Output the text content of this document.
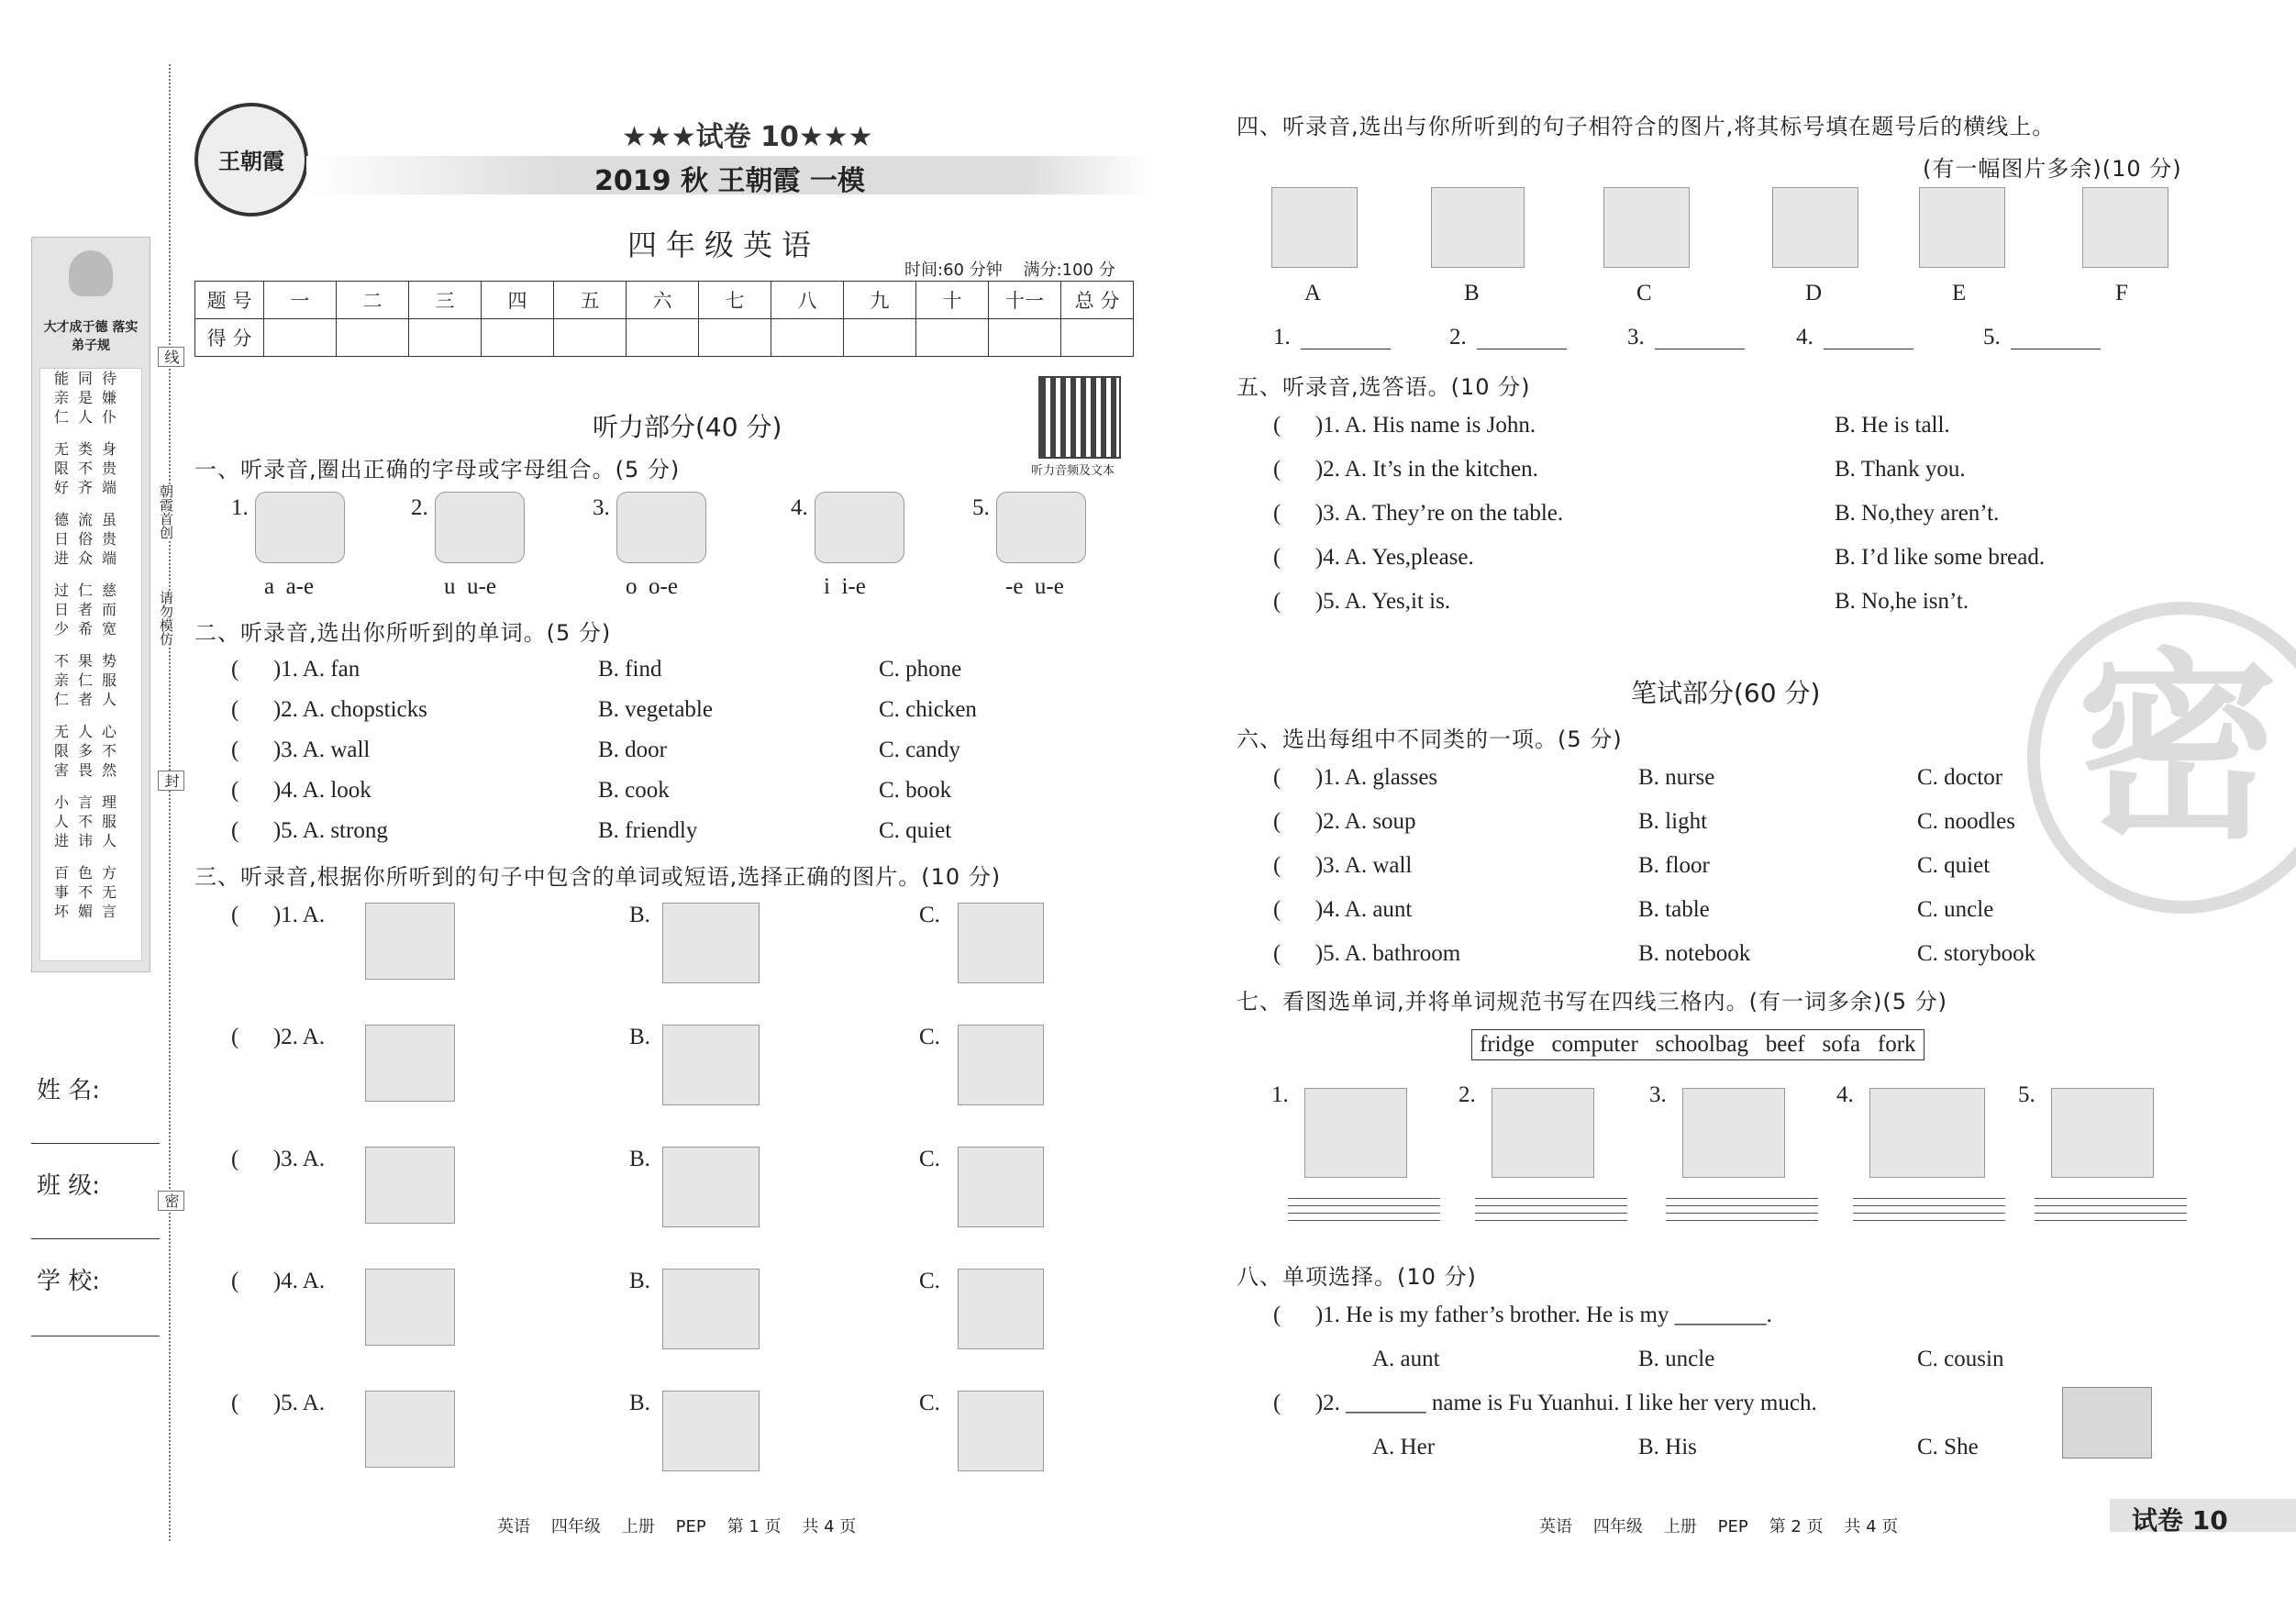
大才成于德 落实弟子规
能同待
亲是嫌
仁人仆
无类身
限不贵
好齐端
德流虽
日俗贵
进众端
过仁慈
日者而
少希宽
不果势
亲仁服
仁者人
无人心
限多不
害畏然
小言理
人不服
进讳人
百色方
事不无
坏媚言
姓 名:
班 级:
学 校:
线
朝霞首创
请勿模仿
封
密
王朝霞
★★★试卷 10★★★
2019 秋 王朝霞 一模
四年级英语
时间:60 分钟    满分:100 分
题 号	一	二	三	四	五	六	七	八	九	十	十一	总 分
得 分												
听力部分(40 分)
听力音频及文本
一、听录音,圈出正确的字母或字母组合。(5 分)
二、听录音,选出你所听到的单词。(5 分)
三、听录音,根据你所听到的句子中包含的单词或短语,选择正确的图片。(10 分)
英语    四年级    上册    PEP    第 1 页    共 4 页
四、听录音,选出与你所听到的句子相符合的图片,将其标号填在题号后的横线上。
(有一幅图片多余)(10 分)
五、听录音,选答语。(10 分)
密
笔试部分(60 分)
六、选出每组中不同类的一项。(5 分)
七、看图选单词,并将单词规范书写在四线三格内。(有一词多余)(5 分)
fridge   computer   schoolbag   beef   sofa   fork
八、单项选择。(10 分)
英语    四年级    上册    PEP    第 2 页    共 4 页	试卷 10
1.
a  a-e
2.
u  u-e
3.
o  o-e
4.
i  i-e
5.
-e  u-e
(      )1. A. fan	B. find	C. phone
(      )2. A. chopsticks	B. vegetable	C. chicken
(      )3. A. wall	B. door	C. candy
(      )4. A. look	B. cook	C. book
(      )5. A. strong	B. friendly	C. quiet
(      )1. A.	B.	C.
(      )2. A.	B.	C.
(      )3. A.	B.	C.
(      )4. A.	B.	C.
(      )5. A.	B.	C.
A	B	C	D	E	F
1.	2.	3.	4.	5.
(      )1. A. His name is John.	B. He is tall.
(      )2. A. It’s in the kitchen.	B. Thank you.
(      )3. A. They’re on the table.	B. No,they aren’t.
(      )4. A. Yes,please.	B. I’d like some bread.
(      )5. A. Yes,it is.	B. No,he isn’t.
(      )1. A. glasses	B. nurse	C. doctor
(      )2. A. soup	B. light	C. noodles
(      )3. A. wall	B. floor	C. quiet
(      )4. A. aunt	B. table	C. uncle
(      )5. A. bathroom	B. notebook	C. storybook
1.	2.	3.	4.	5.
(      )1. He is my father’s brother. He is my ________.
A. aunt	B. uncle	C. cousin
(      )2. _______ name is Fu Yuanhui. I like her very much.
A. Her	B. His	C. She
